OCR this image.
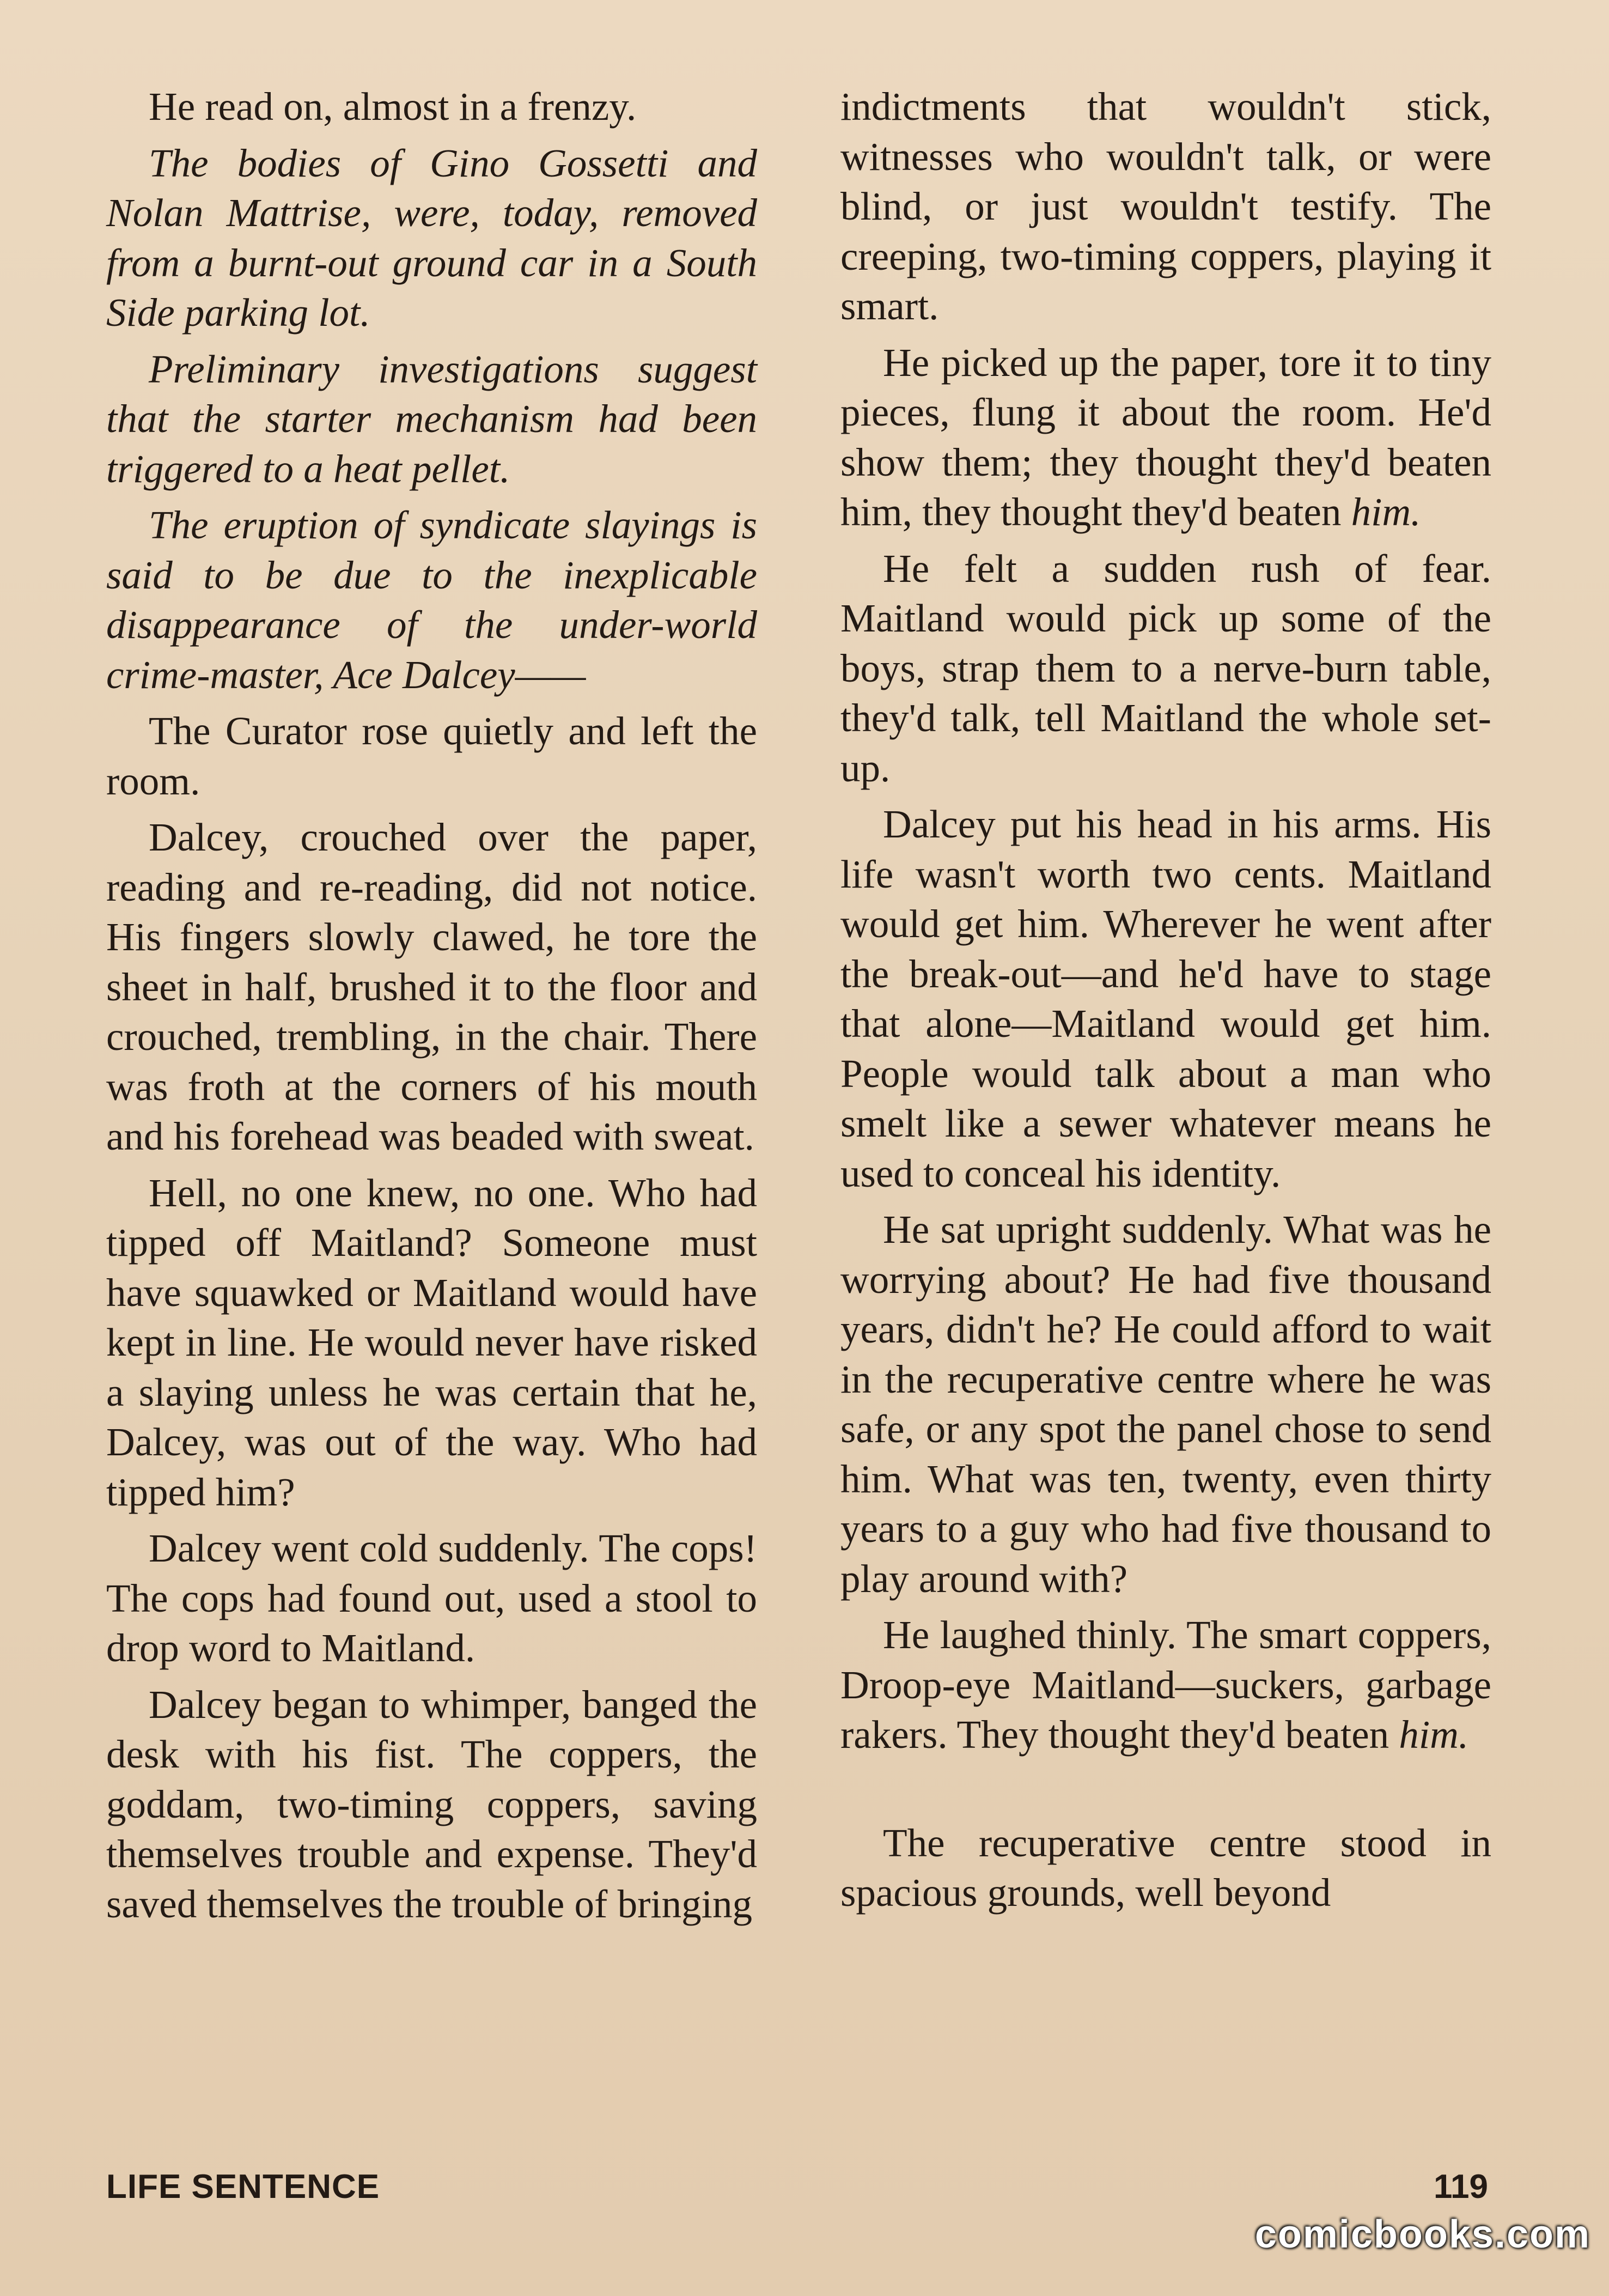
He read on, almost in a frenzy.

The bodies of Gino Gossetti and Nolan Mattrise, were, today, removed from a burnt-out ground car in a South Side parking lot.

Preliminary investigations suggest that the starter mechanism had been triggered to a heat pellet.

The eruption of syndicate slayings is said to be due to the inexplicable disappearance of the under-world crime-master, Ace Dalcey——

The Curator rose quietly and left the room.

Dalcey, crouched over the paper, reading and re-reading, did not notice. His fingers slowly clawed, he tore the sheet in half, brushed it to the floor and crouched, trembling, in the chair. There was froth at the corners of his mouth and his forehead was beaded with sweat.

Hell, no one knew, no one. Who had tipped off Maitland? Someone must have squawked or Maitland would have kept in line. He would never have risked a slaying unless he was certain that he, Dalcey, was out of the way. Who had tipped him?

Dalcey went cold suddenly. The cops! The cops had found out, used a stool to drop word to Maitland.

Dalcey began to whimper, banged the desk with his fist. The coppers, the goddam, two-timing coppers, saving themselves trouble and expense. They'd saved themselves the trouble of bringing

indictments that wouldn't stick, witnesses who wouldn't talk, or were blind, or just wouldn't testify. The creeping, two-timing coppers, playing it smart.

He picked up the paper, tore it to tiny pieces, flung it about the room. He'd show them; they thought they'd beaten him, they thought they'd beaten him.

He felt a sudden rush of fear. Maitland would pick up some of the boys, strap them to a nerve-burn table, they'd talk, tell Maitland the whole set-up.

Dalcey put his head in his arms. His life wasn't worth two cents. Maitland would get him. Wherever he went after the break-out—and he'd have to stage that alone—Maitland would get him. People would talk about a man who smelt like a sewer whatever means he used to conceal his identity.

He sat upright suddenly. What was he worrying about? He had five thousand years, didn't he? He could afford to wait in the recuperative centre where he was safe, or any spot the panel chose to send him. What was ten, twenty, even thirty years to a guy who had five thousand to play around with?

He laughed thinly. The smart coppers, Droop-eye Maitland—suckers, garbage rakers. They thought they'd beaten him.

The recuperative centre stood in spacious grounds, well beyond

LIFE SENTENCE	119
comicbooks.com
